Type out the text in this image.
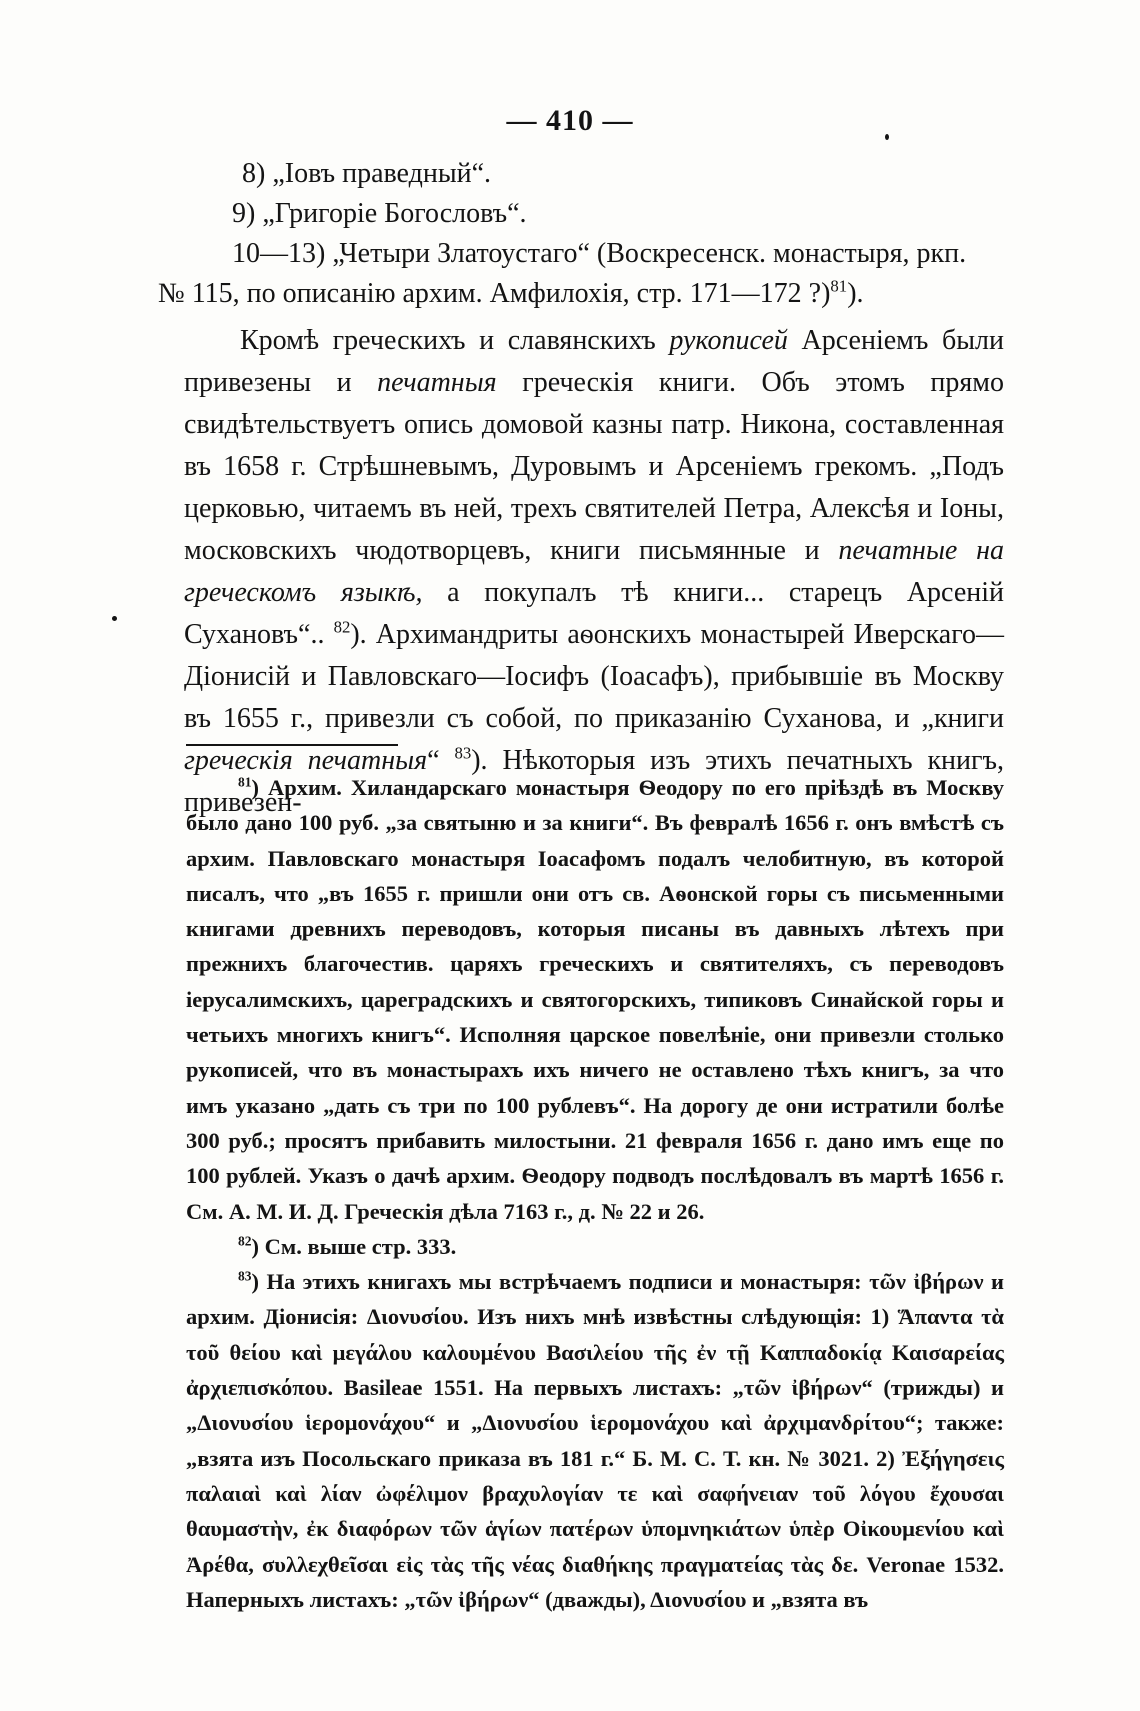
— 410 —
8) „Іовъ праведный“.
9) „Григоріе Богословъ“.
10—13) „Четыри Златоустаго“ (Воскресенск. монастыря, ркп.
№ 115, по описанію архим. Амфилохія, стр. 171—172 ?)$^{81}$).

Кромѣ греческихъ и славянскихъ рукописей Арсеніемъ были привезены и печатныя греческія книги. Объ этомъ прямо свидѣтельствуетъ опись домовой казны патр. Никона, составленная въ 1658 г. Стрѣшневымъ, Дуровымъ и Арсеніемъ грекомъ. „Подъ церковью, читаемъ въ ней, трехъ святителей Петра, Алексѣя и Іоны, московскихъ чюдотворцевъ, книги письмянные и печатные на греческомъ языкѣ, а покупалъ тѣ книги... старецъ Арсеній Сухановъ“.. $^{82}$). Архимандриты аѳонскихъ монастырей Иверскаго—Діонисій и Павловскаго—Іосифъ (Іоасафъ), прибывшіе въ Москву въ 1655 г., привезли съ собой, по приказанію Суханова, и „книги греческія печатныя“ $^{83}$). Нѣкоторыя изъ этихъ печатныхъ книгъ, привезен-

$^{81}$) Архим. Хиландарскаго монастыря Ѳеодору по его пріѣздѣ въ Москву было дано 100 руб. „за святыню и за книги“. Въ февралѣ 1656 г. онъ вмѣстѣ съ архим. Павловскаго монастыря Іоасафомъ подалъ челобитную, въ которой писалъ, что „въ 1655 г. пришли они отъ св. Аѳонской горы съ письменными книгами древнихъ переводовъ, которыя писаны въ давныхъ лѣтехъ при прежнихъ благочестив. царяхъ греческихъ и святителяхъ, съ переводовъ іерусалимскихъ, цареградскихъ и святогорскихъ, типиковъ Синайской горы и четьихъ многихъ книгъ“. Исполняя царское повелѣніе, они привезли столько рукописей, что въ монастырахъ ихъ ничего не оставлено тѣхъ книгъ, за что имъ указано „дать съ три по 100 рублевъ“. На дорогу де они истратили болѣе 300 руб.; просятъ прибавить милостыни. 21 февраля 1656 г. дано имъ еще по 100 рублей. Указъ о дачѣ архим. Ѳеодору подводъ послѣдовалъ въ мартѣ 1656 г. См. А. М. И. Д. Греческія дѣла 7163 г., д. № 22 и 26.

$^{82}$) См. выше стр. 333.

$^{83}$) На этихъ книгахъ мы встрѣчаемъ подписи и монастыря: τῶν ἰβήρων и архим. Діонисія: Διονυσίου. Изъ нихъ мнѣ извѣстны слѣдующія: 1) Ἅπαντα τὰ τοῦ θείου καὶ μεγάλου καλουμένου Βασιλείου τῆς ἐν τῇ Καππαδοκίᾳ Καισαρείας ἀρχιεπισκόπου. Basileae 1551. На первыхъ листахъ: „τῶν ἰβήρων“ (трижды) и „Διονυσίου ἱερομονάχου“ и „Διονυσίου ἱερομονάχου καὶ ἀρχιμανδρίτου“; также: „взята изъ Посольскаго приказа въ 181 г.“ Б. М. С. Т. кн. № 3021. 2) Ἐξήγησεις παλαιαὶ καὶ λίαν ὠφέλιμον βραχυλογίαν τε καὶ σαφήνειαν τοῦ λόγου ἔχουσαι θαυμαστὴν, ἐκ διαφόρων τῶν ἁγίων πατέρων ὑπομνηκιάτων ὑπὲρ Οἰκουμενίου καὶ Ἀρέθα, συλλεχθεῖσαι εἰς τὰς τῆς νέας διαθήκης πραγματείας τὰς δε. Veronae 1532. Наперныхъ листахъ: „τῶν ἰβήρων“ (дважды), Διονυσίου и „взята въ
